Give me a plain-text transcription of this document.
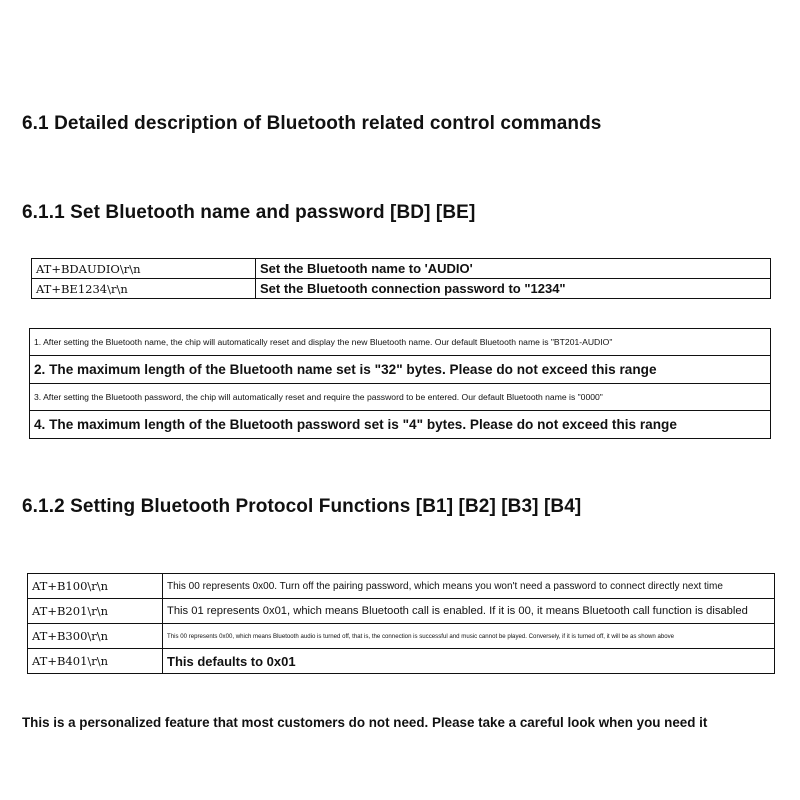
6.1 Detailed description of Bluetooth related control commands
6.1.1 Set Bluetooth name and password [BD] [BE]
AT+BDAUDIO\r\n	Set the Bluetooth name to 'AUDIO'
AT+BE1234\r\n	Set the Bluetooth connection password to "1234"
1. After setting the Bluetooth name, the chip will automatically reset and display the new Bluetooth name. Our default Bluetooth name is "BT201-AUDIO"
2. The maximum length of the Bluetooth name set is "32" bytes. Please do not exceed this range
3. After setting the Bluetooth password, the chip will automatically reset and require the password to be entered. Our default Bluetooth name is "0000"
4. The maximum length of the Bluetooth password set is "4" bytes. Please do not exceed this range
6.1.2 Setting Bluetooth Protocol Functions [B1] [B2] [B3] [B4]
AT+B100\r\n	This 00 represents 0x00. Turn off the pairing password, which means you won't need a password to connect directly next time
AT+B201\r\n	This 01 represents 0x01, which means Bluetooth call is enabled. If it is 00, it means Bluetooth call function is disabled
AT+B300\r\n	This 00 represents 0x00, which means Bluetooth audio is turned off, that is, the connection is successful and music cannot be played. Conversely, if it is turned off, it will be as shown above
AT+B401\r\n	This defaults to 0x01
This is a personalized feature that most customers do not need. Please take a careful look when you need it
